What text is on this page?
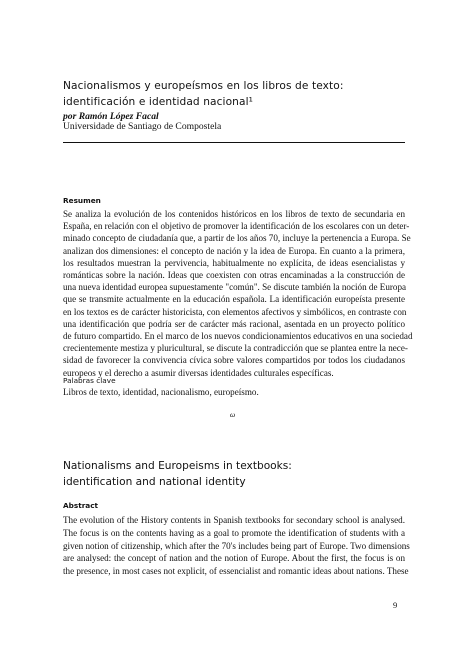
Nacionalismos y europeísmos en los libros de texto:
identificación e identidad nacional¹
por Ramón López Facal
Universidade de Santiago de Compostela
Resumen

Se analiza la evolución de los contenidos históricos en los libros de texto de secundaria en

España, en relación con el objetivo de promover la identificación de los escolares con un deter-

minado concepto de ciudadanía que, a partir de los años 70, incluye la pertenencia a Europa. Se

analizan dos dimensiones: el concepto de nación y la idea de Europa. En cuanto a la primera,

los resultados muestran la pervivencia, habitualmente no explícita, de ideas esencialistas y

románticas sobre la nación. Ideas que coexisten con otras encaminadas a la construcción de

una nueva identidad europea supuestamente "común". Se discute también la noción de Europa

que se transmite actualmente en la educación española. La identificación europeísta presente

en los textos es de carácter historicista, con elementos afectivos y simbólicos, en contraste con

una identificación que podría ser de carácter más racional, asentada en un proyecto político

de futuro compartido. En el marco de los nuevos condicionamientos educativos en una sociedad

crecientemente mestiza y pluricultural, se discute la contradicción que se plantea entre la nece-

sidad de favorecer la convivencia cívica sobre valores compartidos por todos los ciudadanos

europeos y el derecho a asumir diversas identidades culturales específicas.

Palabras clave
Libros de texto, identidad, nacionalismo, europeísmo.
ω
Nationalisms and Europeisms in textbooks:
identification and national identity
Abstract

The evolution of the History contents in Spanish textbooks for secondary school is analysed.

The focus is on the contents having as a goal to promote the identification of students with a

given notion of citizenship, which after the 70's includes being part of Europe. Two dimensions

are analysed: the concept of nation and the notion of Europe. About the first, the focus is on

the presence, in most cases not explicit, of essencialist and romantic ideas about nations. These

9
